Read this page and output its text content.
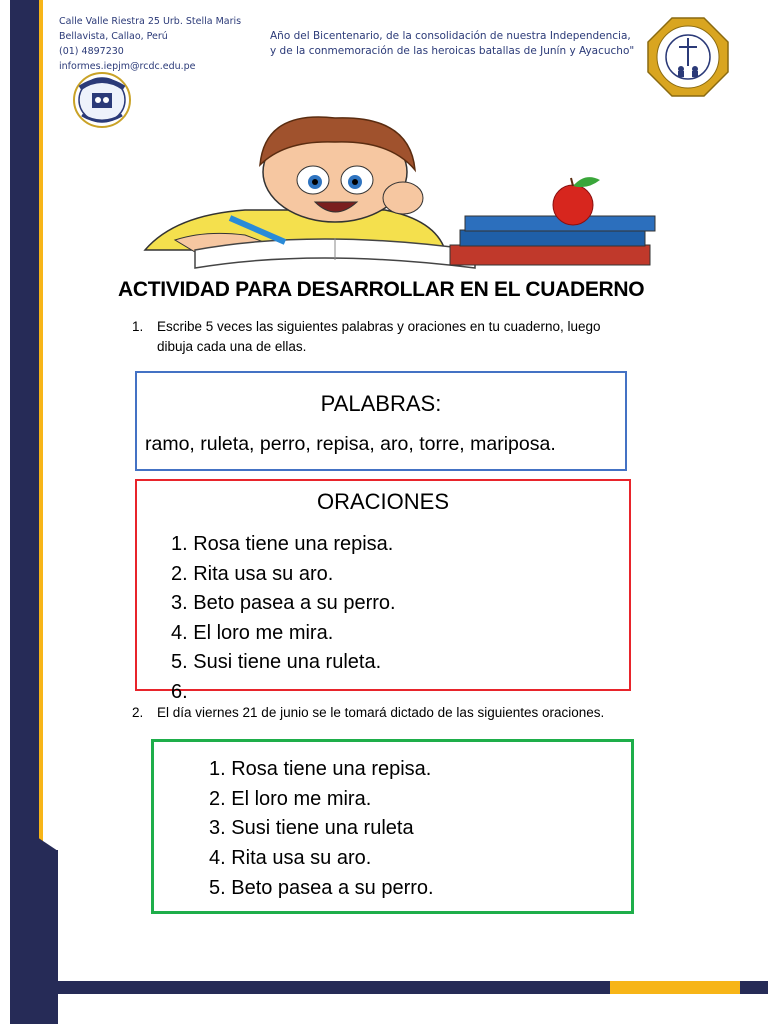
Calle Valle Riestra 25 Urb. Stella Maris
Bellavista, Callao, Perú
(01) 4897230
informes.iepjm@rcdc.edu.pe
Año del Bicentenario, de la consolidación de nuestra Independencia,
y de la conmemoración de las heroicas batallas de Junín y Ayacucho"
ACTIVIDAD PARA DESARROLLAR EN EL CUADERNO
1. Escribe 5 veces las siguientes palabras y oraciones en tu cuaderno, luego
dibuja cada una de ellas.
PALABRAS:
ramo, ruleta, perro, repisa, aro, torre, mariposa.
ORACIONES
1. Rosa tiene una repisa.
2. Rita usa su aro.
3. Beto pasea a su perro.
4. El loro me mira.
5. Susi tiene una ruleta.
6.
2. El día viernes 21 de junio se le tomará dictado de las siguientes oraciones.
1. Rosa tiene una repisa.
2. El loro me mira.
3. Susi tiene una ruleta
4. Rita usa su aro.
5. Beto pasea a su perro.
